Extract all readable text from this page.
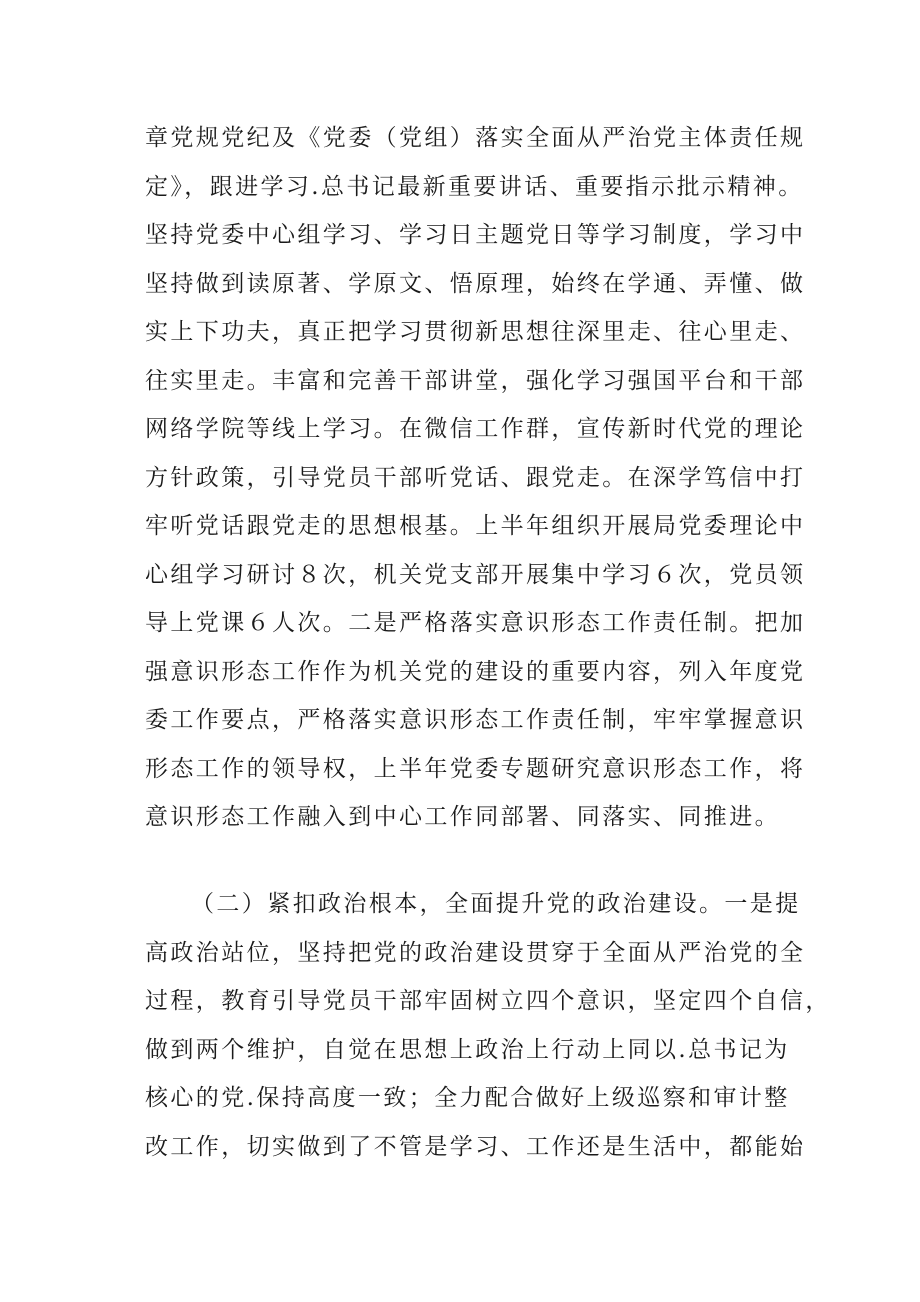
章党规党纪及《党委（党组）落实全面从严治党主体责任规
定》，跟进学习.总书记最新重要讲话、重要指示批示精神。
坚持党委中心组学习、学习日主题党日等学习制度，学习中
坚持做到读原著、学原文、悟原理，始终在学通、弄懂、做
实上下功夫，真正把学习贯彻新思想往深里走、往心里走、
往实里走。丰富和完善干部讲堂，强化学习强国平台和干部
网络学院等线上学习。在微信工作群，宣传新时代党的理论
方针政策，引导党员干部听党话、跟党走。在深学笃信中打
牢听党话跟党走的思想根基。上半年组织开展局党委理论中
心组学习研讨８次，机关党支部开展集中学习６次，党员领
导上党课６人次。二是严格落实意识形态工作责任制。把加
强意识形态工作作为机关党的建设的重要内容，列入年度党
委工作要点，严格落实意识形态工作责任制，牢牢掌握意识
形态工作的领导权，上半年党委专题研究意识形态工作，将
意识形态工作融入到中心工作同部署、同落实、同推进。
（二）紧扣政治根本，全面提升党的政治建设。一是提
高政治站位，坚持把党的政治建设贯穿于全面从严治党的全
过程，教育引导党员干部牢固树立四个意识，坚定四个自信，
做到两个维护，自觉在思想上政治上行动上同以.总书记为
核心的党.保持高度一致；全力配合做好上级巡察和审计整
改工作，切实做到了不管是学习、工作还是生活中，都能始
